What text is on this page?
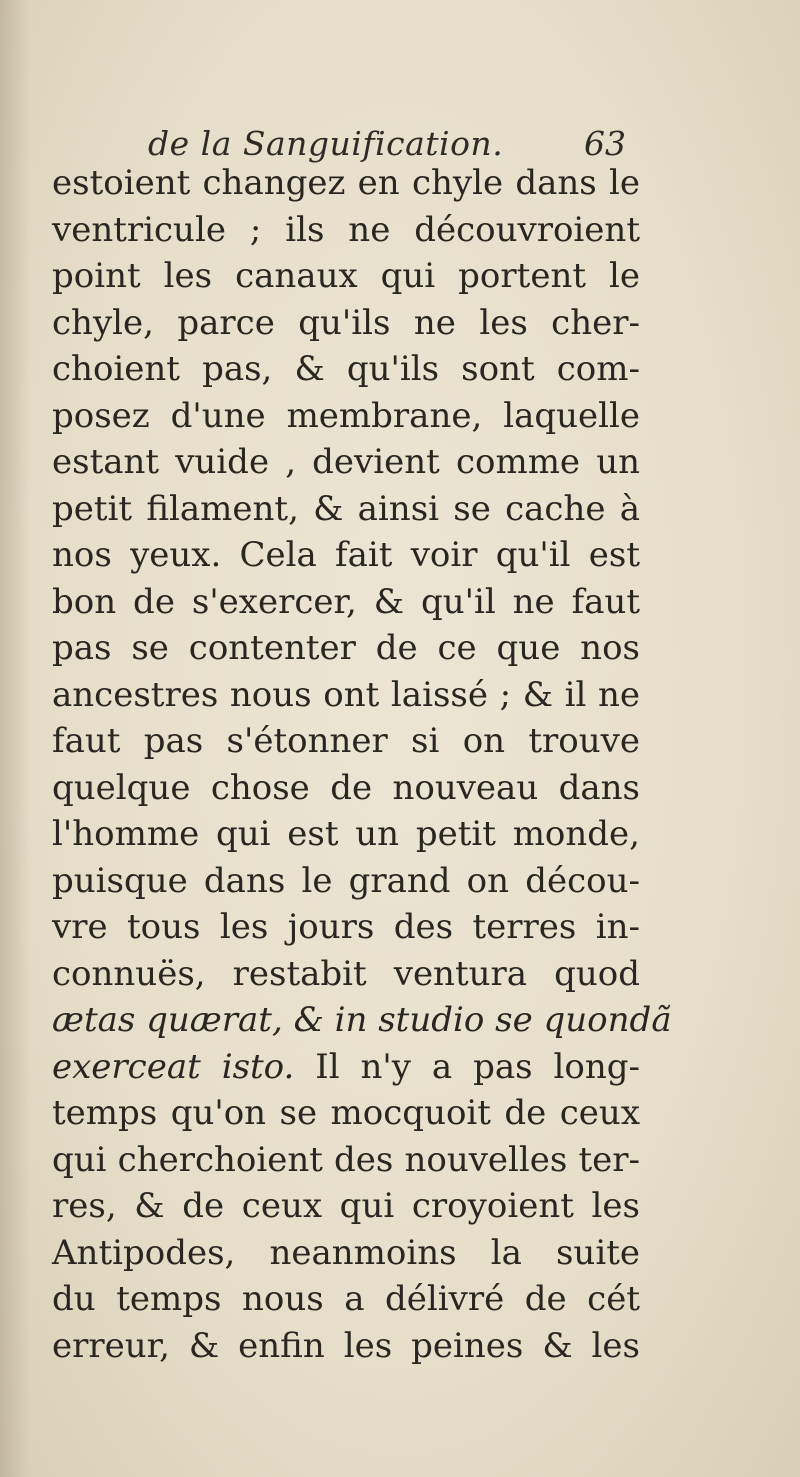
de la Sanguification. 63
estoient changez en chyle dans le
ventricule ; ils ne découvroient
point les canaux qui portent le
chyle, parce qu'ils ne les cher-
choient pas, & qu'ils sont com-
posez d'une membrane, laquelle
estant vuide , devient comme un
petit filament, & ainsi se cache à
nos yeux. Cela fait voir qu'il est
bon de s'exercer, & qu'il ne faut
pas se contenter de ce que nos
ancestres nous ont laissé ; & il ne
faut pas s'étonner si on trouve
quelque chose de nouveau dans
l'homme qui est un petit monde,
puisque dans le grand on décou-
vre tous les jours des terres in-
connuës, restabit ventura quod
ætas quærat, & in studio se quondã
exerceat isto. Il n'y a pas long-
temps qu'on se mocquoit de ceux
qui cherchoient des nouvelles ter-
res, & de ceux qui croyoient les
Antipodes, neanmoins la suite
du temps nous a délivré de cét
erreur, & enfin les peines & les
